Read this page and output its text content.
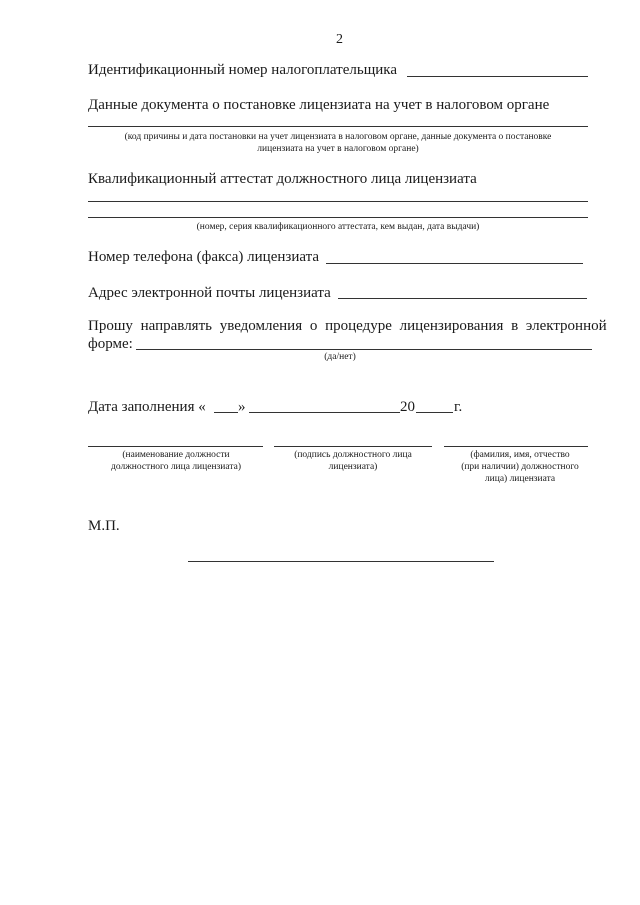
2
Идентификационный номер налогоплательщика
Данные документа о постановке лицензиата на учет в налоговом органе
(код причины и дата постановки на учет лицензиата в налоговом органе, данные документа о постановке
лицензиата на учет в налоговом органе)
Квалификационный аттестат должностного лица лицензиата
(номер, серия квалификационного аттестата, кем выдан, дата выдачи)
Номер телефона (факса) лицензиата
Адрес электронной почты лицензиата
Прошу направлять уведомления о процедуре лицензирования в электронной
форме:
(да/нет)
Дата заполнения « »	20	г.
(наименование должности
должностного лица лицензиата)
(подпись должностного лица
лицензиата)
(фамилия, имя, отчество
(при наличии) должностного
лица) лицензиата
М.П.
